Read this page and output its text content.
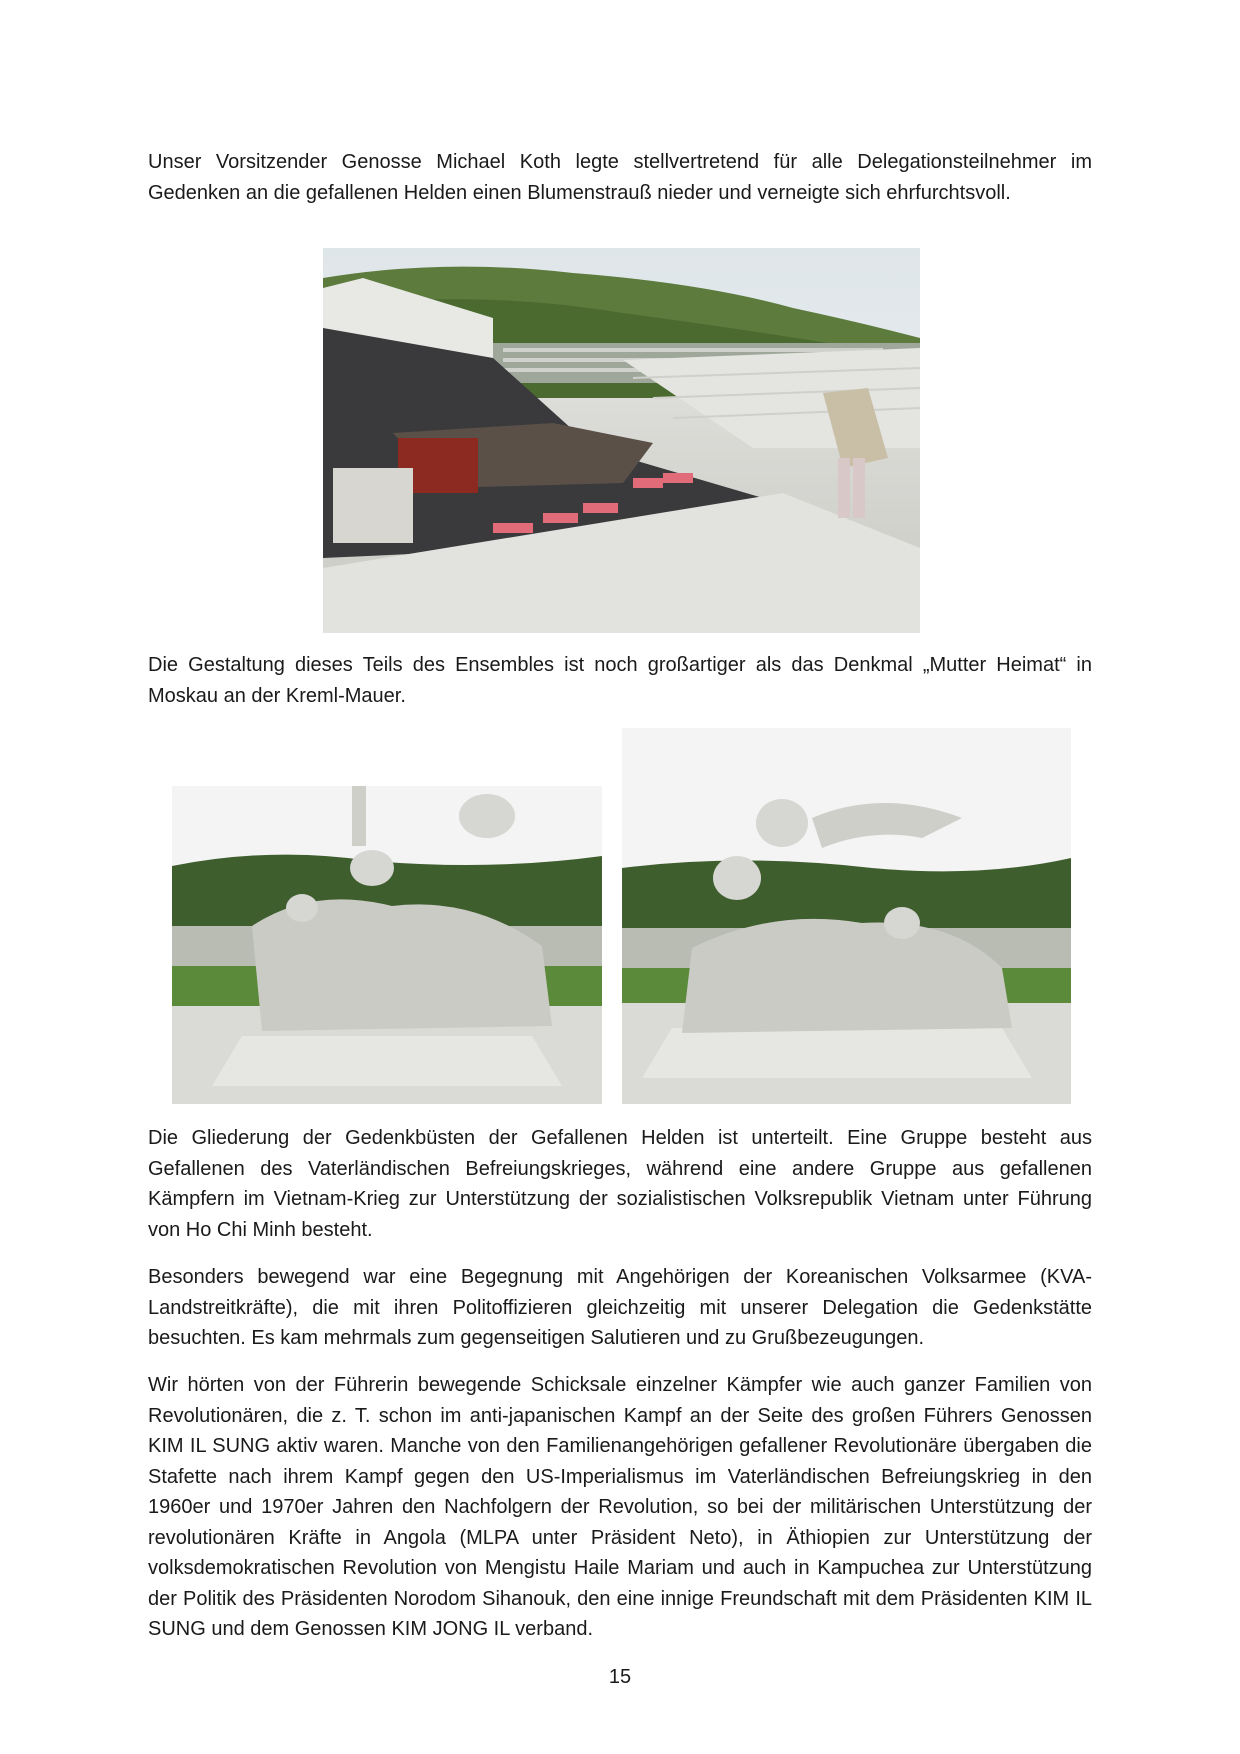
Unser Vorsitzender Genosse Michael Koth legte stellvertretend für alle Delegationsteilnehmer im Gedenken an die gefallenen Helden einen Blumenstrauß nieder und verneigte sich ehrfurchtsvoll.

Die Gestaltung dieses Teils des Ensembles ist noch großartiger als das Denkmal „Mutter Heimat“ in Moskau an der Kreml-Mauer.

Die Gliederung der Gedenkbüsten der Gefallenen Helden ist unterteilt. Eine Gruppe besteht aus Gefallenen des Vaterländischen Befreiungskrieges, während eine andere Gruppe aus gefallenen Kämpfern im Vietnam-Krieg zur Unterstützung der sozialistischen Volksrepublik Vietnam unter Führung von Ho Chi Minh besteht.

Besonders bewegend war eine Begegnung mit Angehörigen der Koreanischen Volksarmee (KVA-Landstreitkräfte), die mit ihren Politoffizieren gleichzeitig mit unserer Delegation die Gedenkstätte besuchten. Es kam mehrmals zum gegenseitigen Salutieren und zu Grußbezeugungen.

Wir hörten von der Führerin bewegende Schicksale einzelner Kämpfer wie auch ganzer Familien von Revolutionären, die z. T. schon im anti-japanischen Kampf an der Seite des großen Führers Genossen KIM IL SUNG aktiv waren. Manche von den Familienangehörigen gefallener Revolutionäre übergaben die Stafette nach ihrem Kampf gegen den US-Imperialismus im Vaterländischen Befreiungskrieg in den 1960er und 1970er Jahren den Nachfolgern der Revolution, so bei der militärischen Unterstützung der revolutionären Kräfte in Angola (MLPA unter Präsident Neto), in Äthiopien zur Unterstützung der volksdemokratischen Revolution von Mengistu Haile Mariam und auch in Kampuchea zur Unterstützung der Politik des Präsidenten Norodom Sihanouk, den eine innige Freundschaft mit dem Präsidenten KIM IL SUNG und dem Genossen KIM JONG IL verband.

15
